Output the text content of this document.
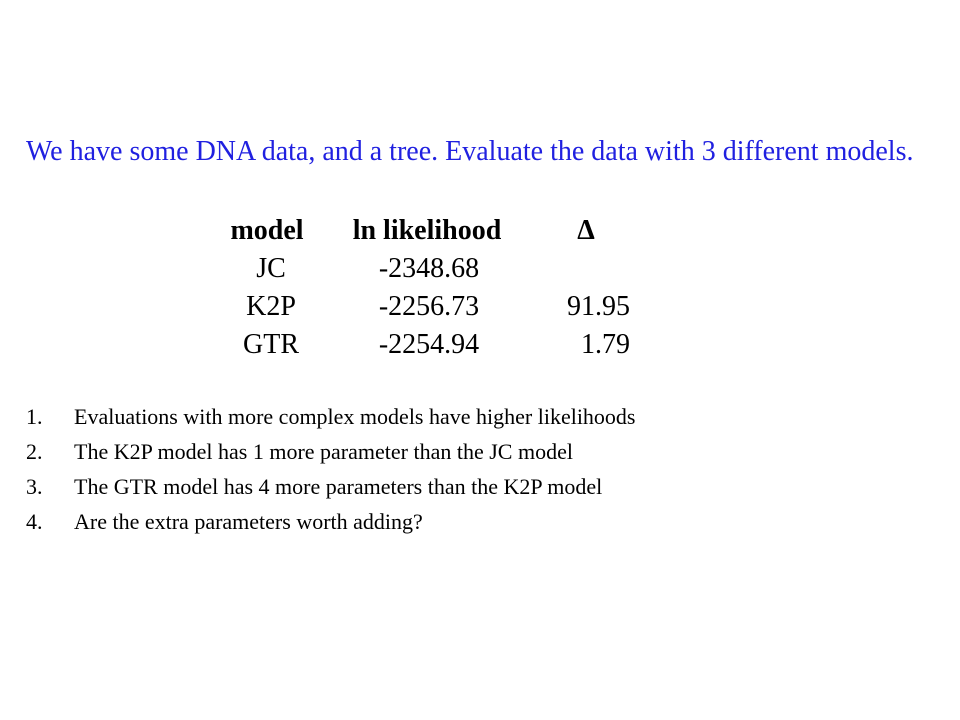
We have some DNA data, and a tree. Evaluate the data with 3 different models.

model	ln likelihood	Δ
JC	-2348.68	
K2P	-2256.73	91.95
GTR	-2254.94	1.79
1. Evaluations with more complex models have higher likelihoods
2. The K2P model has 1 more parameter than the JC model
3. The GTR model has 4 more parameters than the K2P model
4. Are the extra parameters worth adding?
